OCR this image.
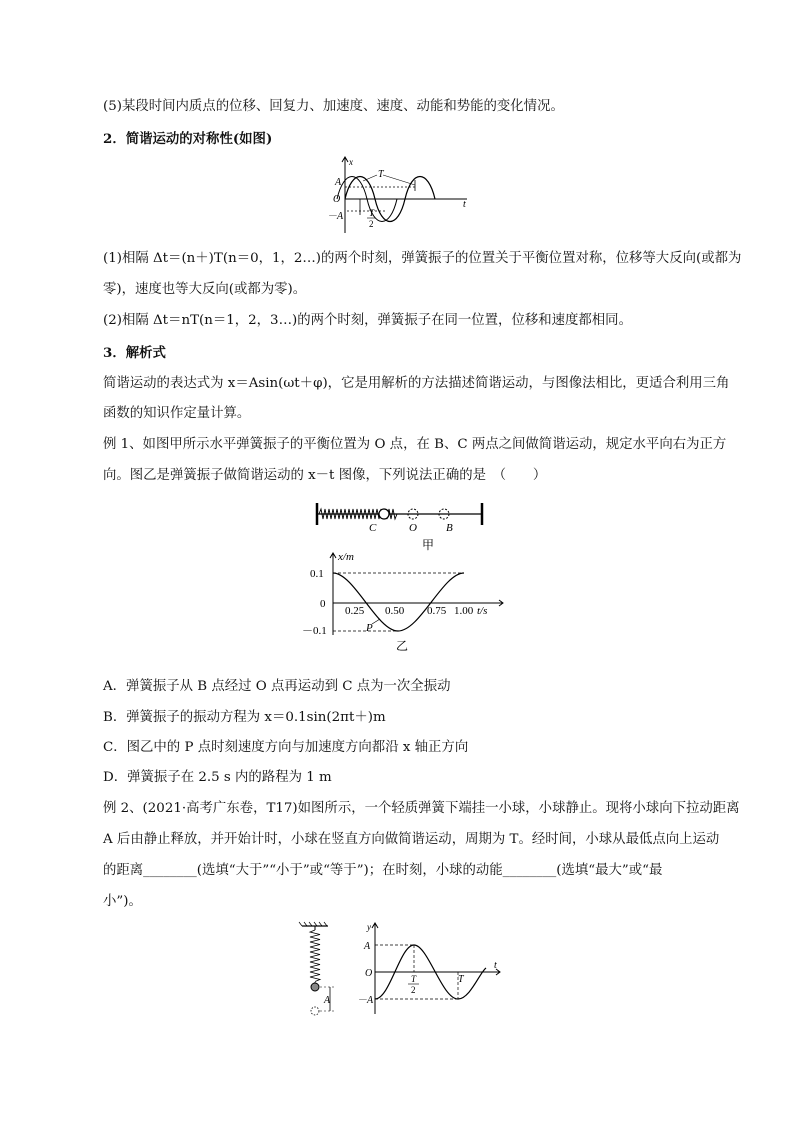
(5)某段时间内质点的位移、回复力、加速度、速度、动能和势能的变化情况。
2．简谐运动的对称性(如图)
x
A
O
－A
T
T
2
t
(1)相隔 Δt＝(n＋)T(n＝0，1，2…)的两个时刻，弹簧振子的位置关于平衡位置对称，位移等大反向(或都为
零)，速度也等大反向(或都为零)。
(2)相隔 Δt＝nT(n＝1，2，3…)的两个时刻，弹簧振子在同一位置，位移和速度都相同。
3．解析式
简谐运动的表达式为 x＝Asin(ωt＋φ)，它是用解析的方法描述简谐运动，与图像法相比，更适合利用三角
函数的知识作定量计算。
例 1、如图甲所示水平弹簧振子的平衡位置为 O 点，在 B、C 两点之间做简谐运动，规定水平向右为正方
向。图乙是弹簧振子做简谐运动的 x－t 图像，下列说法正确的是　（　　）
C	O	B
甲
x/m
0.1
0
－0.1
0.25 0.50 0.75 1.00 t/s
P
乙
A．弹簧振子从 B 点经过 O 点再运动到 C 点为一次全振动
B．弹簧振子的振动方程为 x＝0.1sin(2πt＋)m
C．图乙中的 P 点时刻速度方向与加速度方向都沿 x 轴正方向
D．弹簧振子在 2.5 s 内的路程为 1 m
例 2、(2021·高考广东卷，T17)如图所示，一个轻质弹簧下端挂一小球，小球静止。现将小球向下拉动距离
A 后由静止释放，并开始计时，小球在竖直方向做简谐运动，周期为 T。经时间，小球从最低点向上运动
的距离________(选填“大于”“小于”或“等于”)；在时刻，小球的动能________(选填“最大”或“最
小”)。
A
y
A
O
－A
T
2
T
t
